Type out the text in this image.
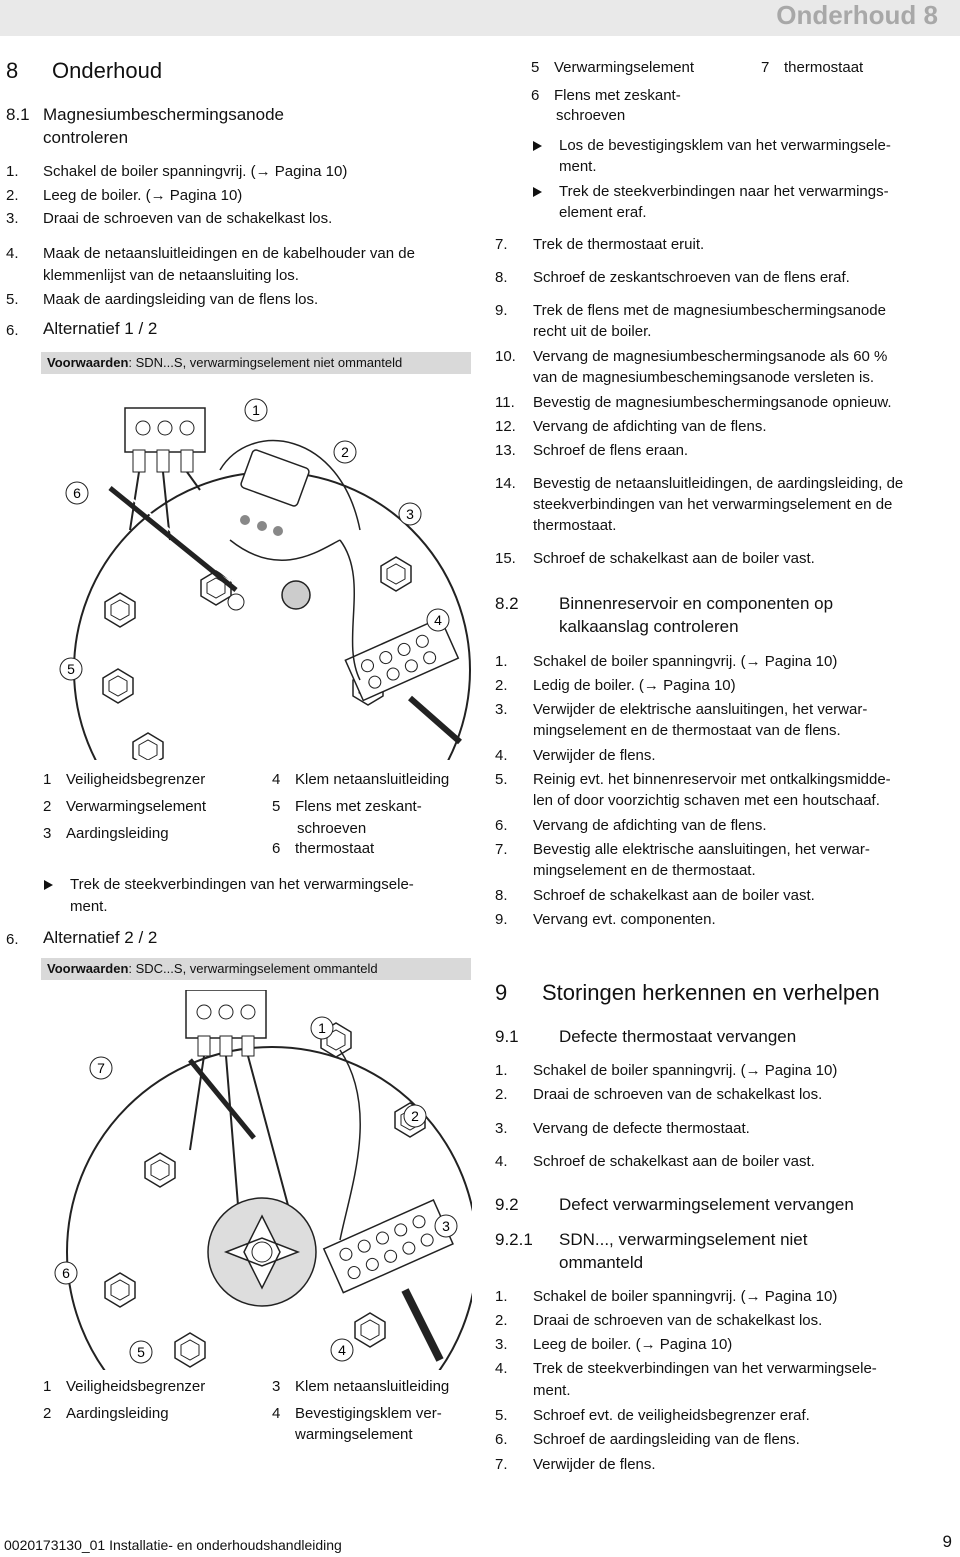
Onderhoud 8
8 Onderhoud
8.1 Magnesiumbeschermingsanode
controleren
1. Schakel de boiler spanningvrij. (→ Pagina 10)
2. Leeg de boiler. (→ Pagina 10)
3. Draai de schroeven van de schakelkast los.
4. Maak de netaansluitleidingen en de kabelhouder van de
klemmenlijst van de netaansluiting los.
5. Maak de aardingsleiding van de flens los.
6. Alternatief 1 / 2
Voorwaarden: SDN...S, verwarmingselement niet ommanteld
1
2
3
4
5
6
1 Veiligheidsbegrenzer
2 Verwarmingselement
3 Aardingsleiding
4 Klem netaansluitleiding
5 Flens met zeskant-
schroeven
6 thermostaat
Trek de steekverbindingen van het verwarmingsele-
ment.
6. Alternatief 2 / 2
Voorwaarden: SDC...S, verwarmingselement ommanteld
1
2
3
4
5
6
7
1 Veiligheidsbegrenzer
2 Aardingsleiding
3 Klem netaansluitleiding
4 Bevestigingsklem ver-
warmingselement
5 Verwarmingselement	7 thermostaat
6 Flens met zeskant-
schroeven
Los de bevestigingsklem van het verwarmingsele-
ment.
Trek de steekverbindingen naar het verwarmings-
element eraf.
7. Trek de thermostaat eruit.
8. Schroef de zeskantschroeven van de flens eraf.
9. Trek de flens met de magnesiumbeschermingsanode
recht uit de boiler.
10. Vervang de magnesiumbeschermingsanode als 60 %
van de magnesiumbeschemingsanode versleten is.
11. Bevestig de magnesiumbeschermingsanode opnieuw.
12. Vervang de afdichting van de flens.
13. Schroef de flens eraan.
14. Bevestig de netaansluitleidingen, de aardingsleiding, de
steekverbindingen van het verwarmingselement en de
thermostaat.
15. Schroef de schakelkast aan de boiler vast.
8.2 Binnenreservoir en componenten op
kalkaanslag controleren
1. Schakel de boiler spanningvrij. (→ Pagina 10)
2. Ledig de boiler. (→ Pagina 10)
3. Verwijder de elektrische aansluitingen, het verwar-
mingselement en de thermostaat van de flens.
4. Verwijder de flens.
5. Reinig evt. het binnenreservoir met ontkalkingsmidde-
len of door voorzichtig schaven met een houtschaaf.
6. Vervang de afdichting van de flens.
7. Bevestig alle elektrische aansluitingen, het verwar-
mingselement en de thermostaat.
8. Schroef de schakelkast aan de boiler vast.
9. Vervang evt. componenten.
9 Storingen herkennen en verhelpen
9.1 Defecte thermostaat vervangen
1. Schakel de boiler spanningvrij. (→ Pagina 10)
2. Draai de schroeven van de schakelkast los.
3. Vervang de defecte thermostaat.
4. Schroef de schakelkast aan de boiler vast.
9.2 Defect verwarmingselement vervangen
9.2.1 SDN..., verwarmingselement niet
ommanteld
1. Schakel de boiler spanningvrij. (→ Pagina 10)
2. Draai de schroeven van de schakelkast los.
3. Leeg de boiler. (→ Pagina 10)
4. Trek de steekverbindingen van het verwarmingsele-
ment.
5. Schroef evt. de veiligheidsbegrenzer eraf.
6. Schroef de aardingsleiding van de flens.
7. Verwijder de flens.
0020173130_01 Installatie- en onderhoudshandleiding	9
